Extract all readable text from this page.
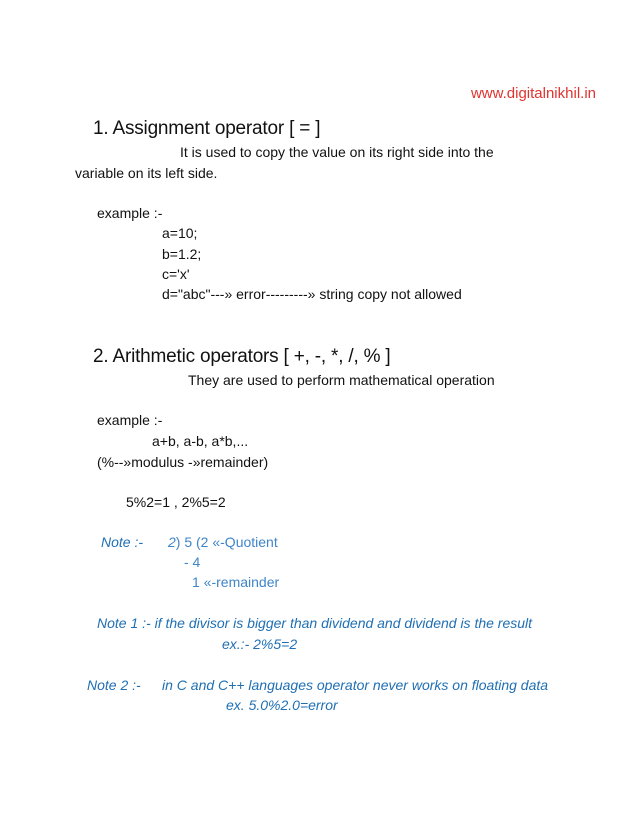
www.digitalnikhil.in
1. Assignment operator [ = ]
It is used to copy the value on its right side into the
variable on its left side.
example :-
a=10;
b=1.2;
c='x'
d="abc"---» error---------» string copy not allowed
2. Arithmetic operators [ +, -, *, /, % ]
They are used to perform mathematical operation
example :-
a+b, a-b, a*b,...
(%--»modulus -»remainder)
5%2=1 , 2%5=2
Note :- 2) 5 (2 «-Quotient
- 4
1 «-remainder
Note 1 :- if the divisor is bigger than dividend and dividend is the result
ex.:- 2%5=2
Note 2 :- in C and C++ languages operator never works on floating data
ex. 5.0%2.0=error
